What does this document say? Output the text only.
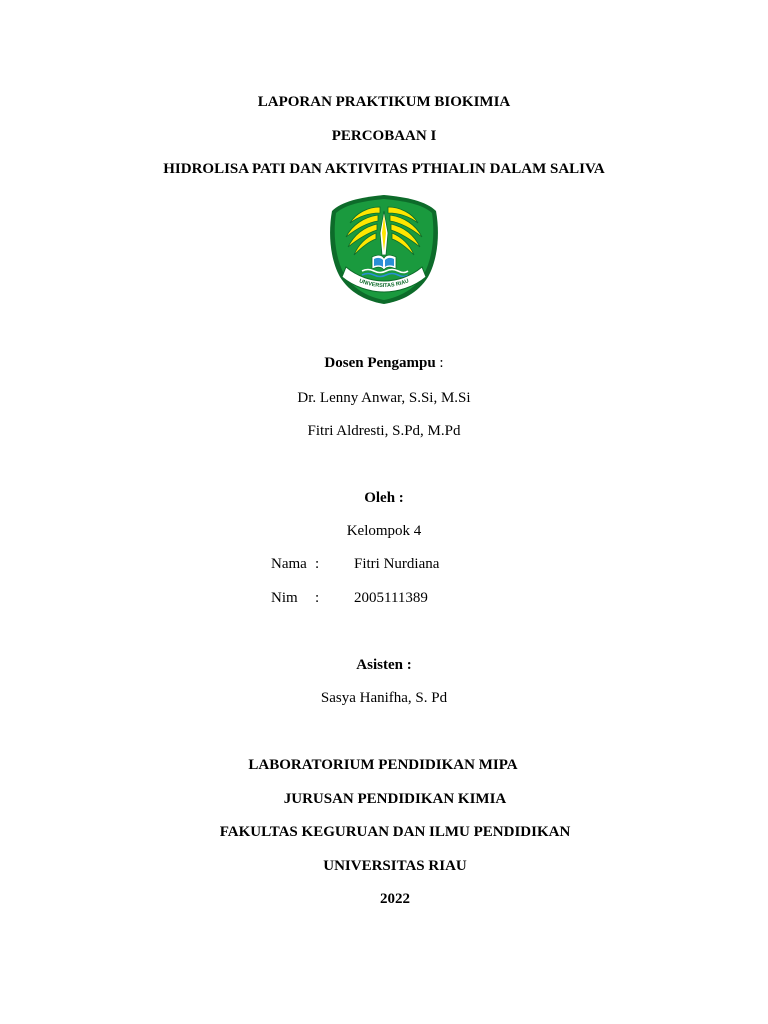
LAPORAN PRAKTIKUM BIOKIMIA
PERCOBAAN I
HIDROLISA PATI DAN AKTIVITAS PTHIALIN DALAM SALIVA
UNIVERSITAS RIAU
Dosen Pengampu :
Dr. Lenny Anwar, S.Si, M.Si
Fitri Aldresti, S.Pd, M.Pd
Oleh :
Kelompok 4
Nama : Fitri Nurdiana
Nim : 2005111389
Asisten :
Sasya Hanifha, S. Pd
LABORATORIUM PENDIDIKAN MIPA
JURUSAN PENDIDIKAN KIMIA
FAKULTAS KEGURUAN DAN ILMU PENDIDIKAN
UNIVERSITAS RIAU
2022
